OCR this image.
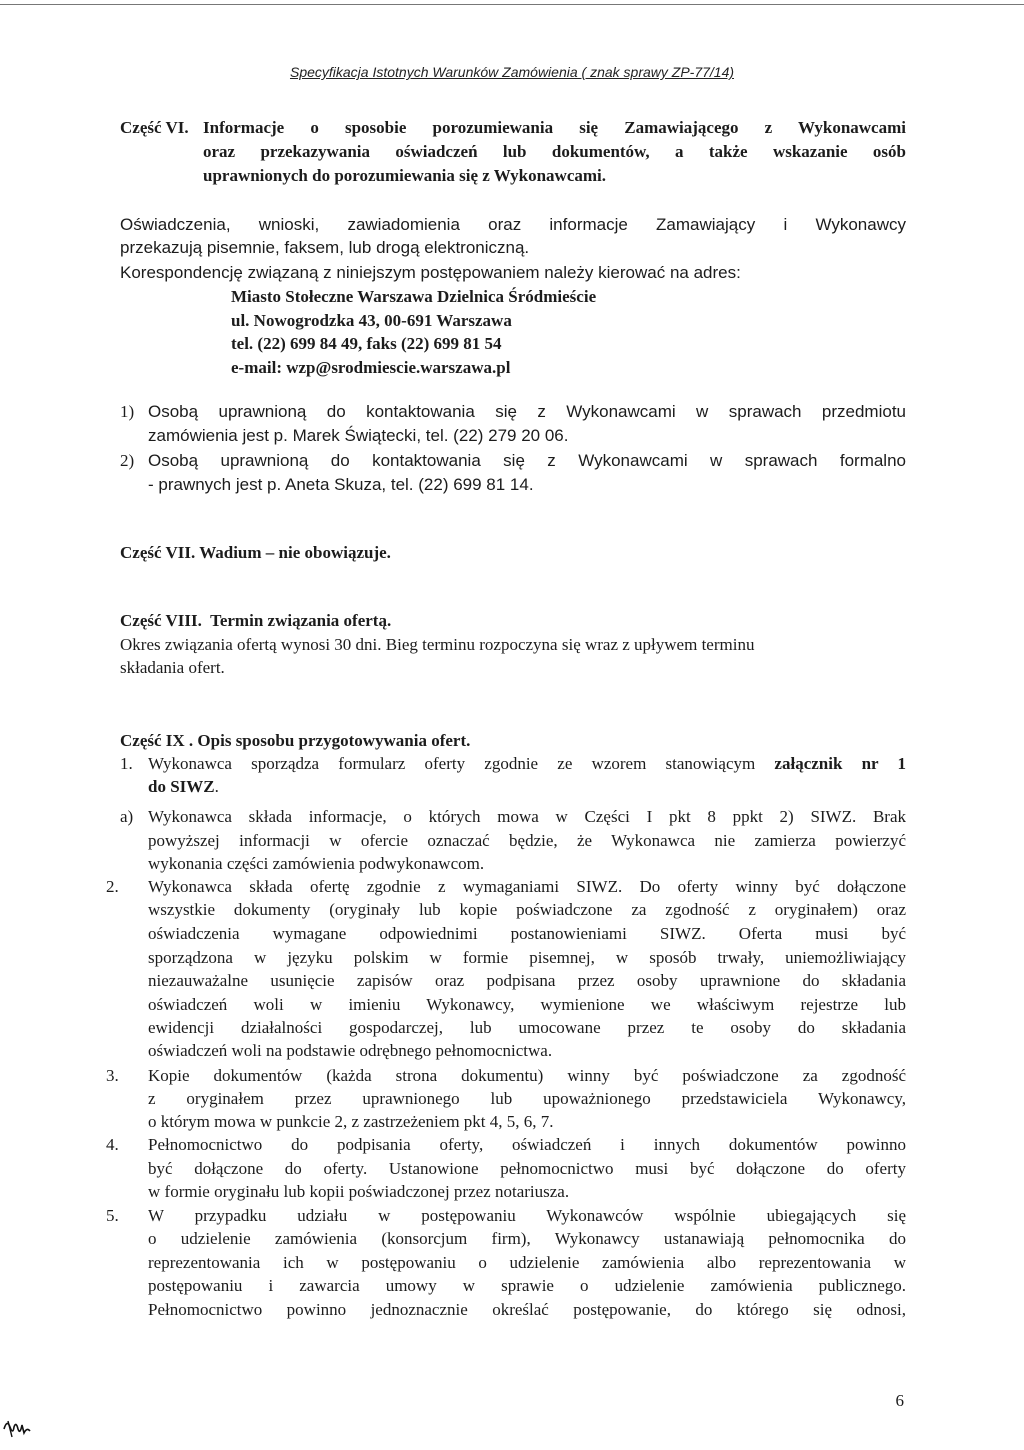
Specyfikacja Istotnych Warunków Zamówienia ( znak sprawy ZP-77/14)
Część VI. Informacje o sposobie porozumiewania się Zamawiającego z Wykonawcami
oraz przekazywania oświadczeń lub dokumentów, a także wskazanie osób
uprawnionych do porozumiewania się z Wykonawcami.
Oświadczenia, wnioski, zawiadomienia oraz informacje Zamawiający i Wykonawcy
przekazują pisemnie, faksem, lub drogą elektroniczną.
Korespondencję związaną z niniejszym postępowaniem należy kierować na adres:
Miasto Stołeczne Warszawa Dzielnica Śródmieście
ul. Nowogrodzka 43, 00-691 Warszawa
tel. (22) 699 84 49, faks (22) 699 81 54
e-mail: wzp@srodmiescie.warszawa.pl
1) Osobą uprawnioną do kontaktowania się z Wykonawcami w sprawach przedmiotu
zamówienia jest p. Marek Świątecki, tel. (22) 279 20 06.
2) Osobą uprawnioną do kontaktowania się z Wykonawcami w sprawach formalno
- prawnych jest p. Aneta Skuza, tel. (22) 699 81 14.
Część VII. Wadium – nie obowiązuje.
Część VIII. Termin związania ofertą.
Okres związania ofertą wynosi 30 dni. Bieg terminu rozpoczyna się wraz z upływem terminu
składania ofert.
Część IX . Opis sposobu przygotowywania ofert.
1. Wykonawca sporządza formularz oferty zgodnie ze wzorem stanowiącym załącznik nr 1
do SIWZ.
a) Wykonawca składa informacje, o których mowa w Części I pkt 8 ppkt 2) SIWZ. Brak
powyższej informacji w ofercie oznaczać będzie, że Wykonawca nie zamierza powierzyć
wykonania części zamówienia podwykonawcom.
2. Wykonawca składa ofertę zgodnie z wymaganiami SIWZ. Do oferty winny być dołączone
wszystkie dokumenty (oryginały lub kopie poświadczone za zgodność z oryginałem) oraz
oświadczenia wymagane odpowiednimi postanowieniami SIWZ. Oferta musi być
sporządzona w języku polskim w formie pisemnej, w sposób trwały, uniemożliwiający
niezauważalne usunięcie zapisów oraz podpisana przez osoby uprawnione do składania
oświadczeń woli w imieniu Wykonawcy, wymienione we właściwym rejestrze lub
ewidencji działalności gospodarczej, lub umocowane przez te osoby do składania
oświadczeń woli na podstawie odrębnego pełnomocnictwa.
3. Kopie dokumentów (każda strona dokumentu) winny być poświadczone za zgodność
z oryginałem przez uprawnionego lub upoważnionego przedstawiciela Wykonawcy,
o którym mowa w punkcie 2, z zastrzeżeniem pkt 4, 5, 6, 7.
4. Pełnomocnictwo do podpisania oferty, oświadczeń i innych dokumentów powinno
być dołączone do oferty. Ustanowione pełnomocnictwo musi być dołączone do oferty
w formie oryginału lub kopii poświadczonej przez notariusza.
5. W przypadku udziału w postępowaniu Wykonawców wspólnie ubiegających się
o udzielenie zamówienia (konsorcjum firm), Wykonawcy ustanawiają pełnomocnika do
reprezentowania ich w postępowaniu o udzielenie zamówienia albo reprezentowania w
postępowaniu i zawarcia umowy w sprawie o udzielenie zamówienia publicznego.
Pełnomocnictwo powinno jednoznacznie określać postępowanie, do którego się odnosi,
6
